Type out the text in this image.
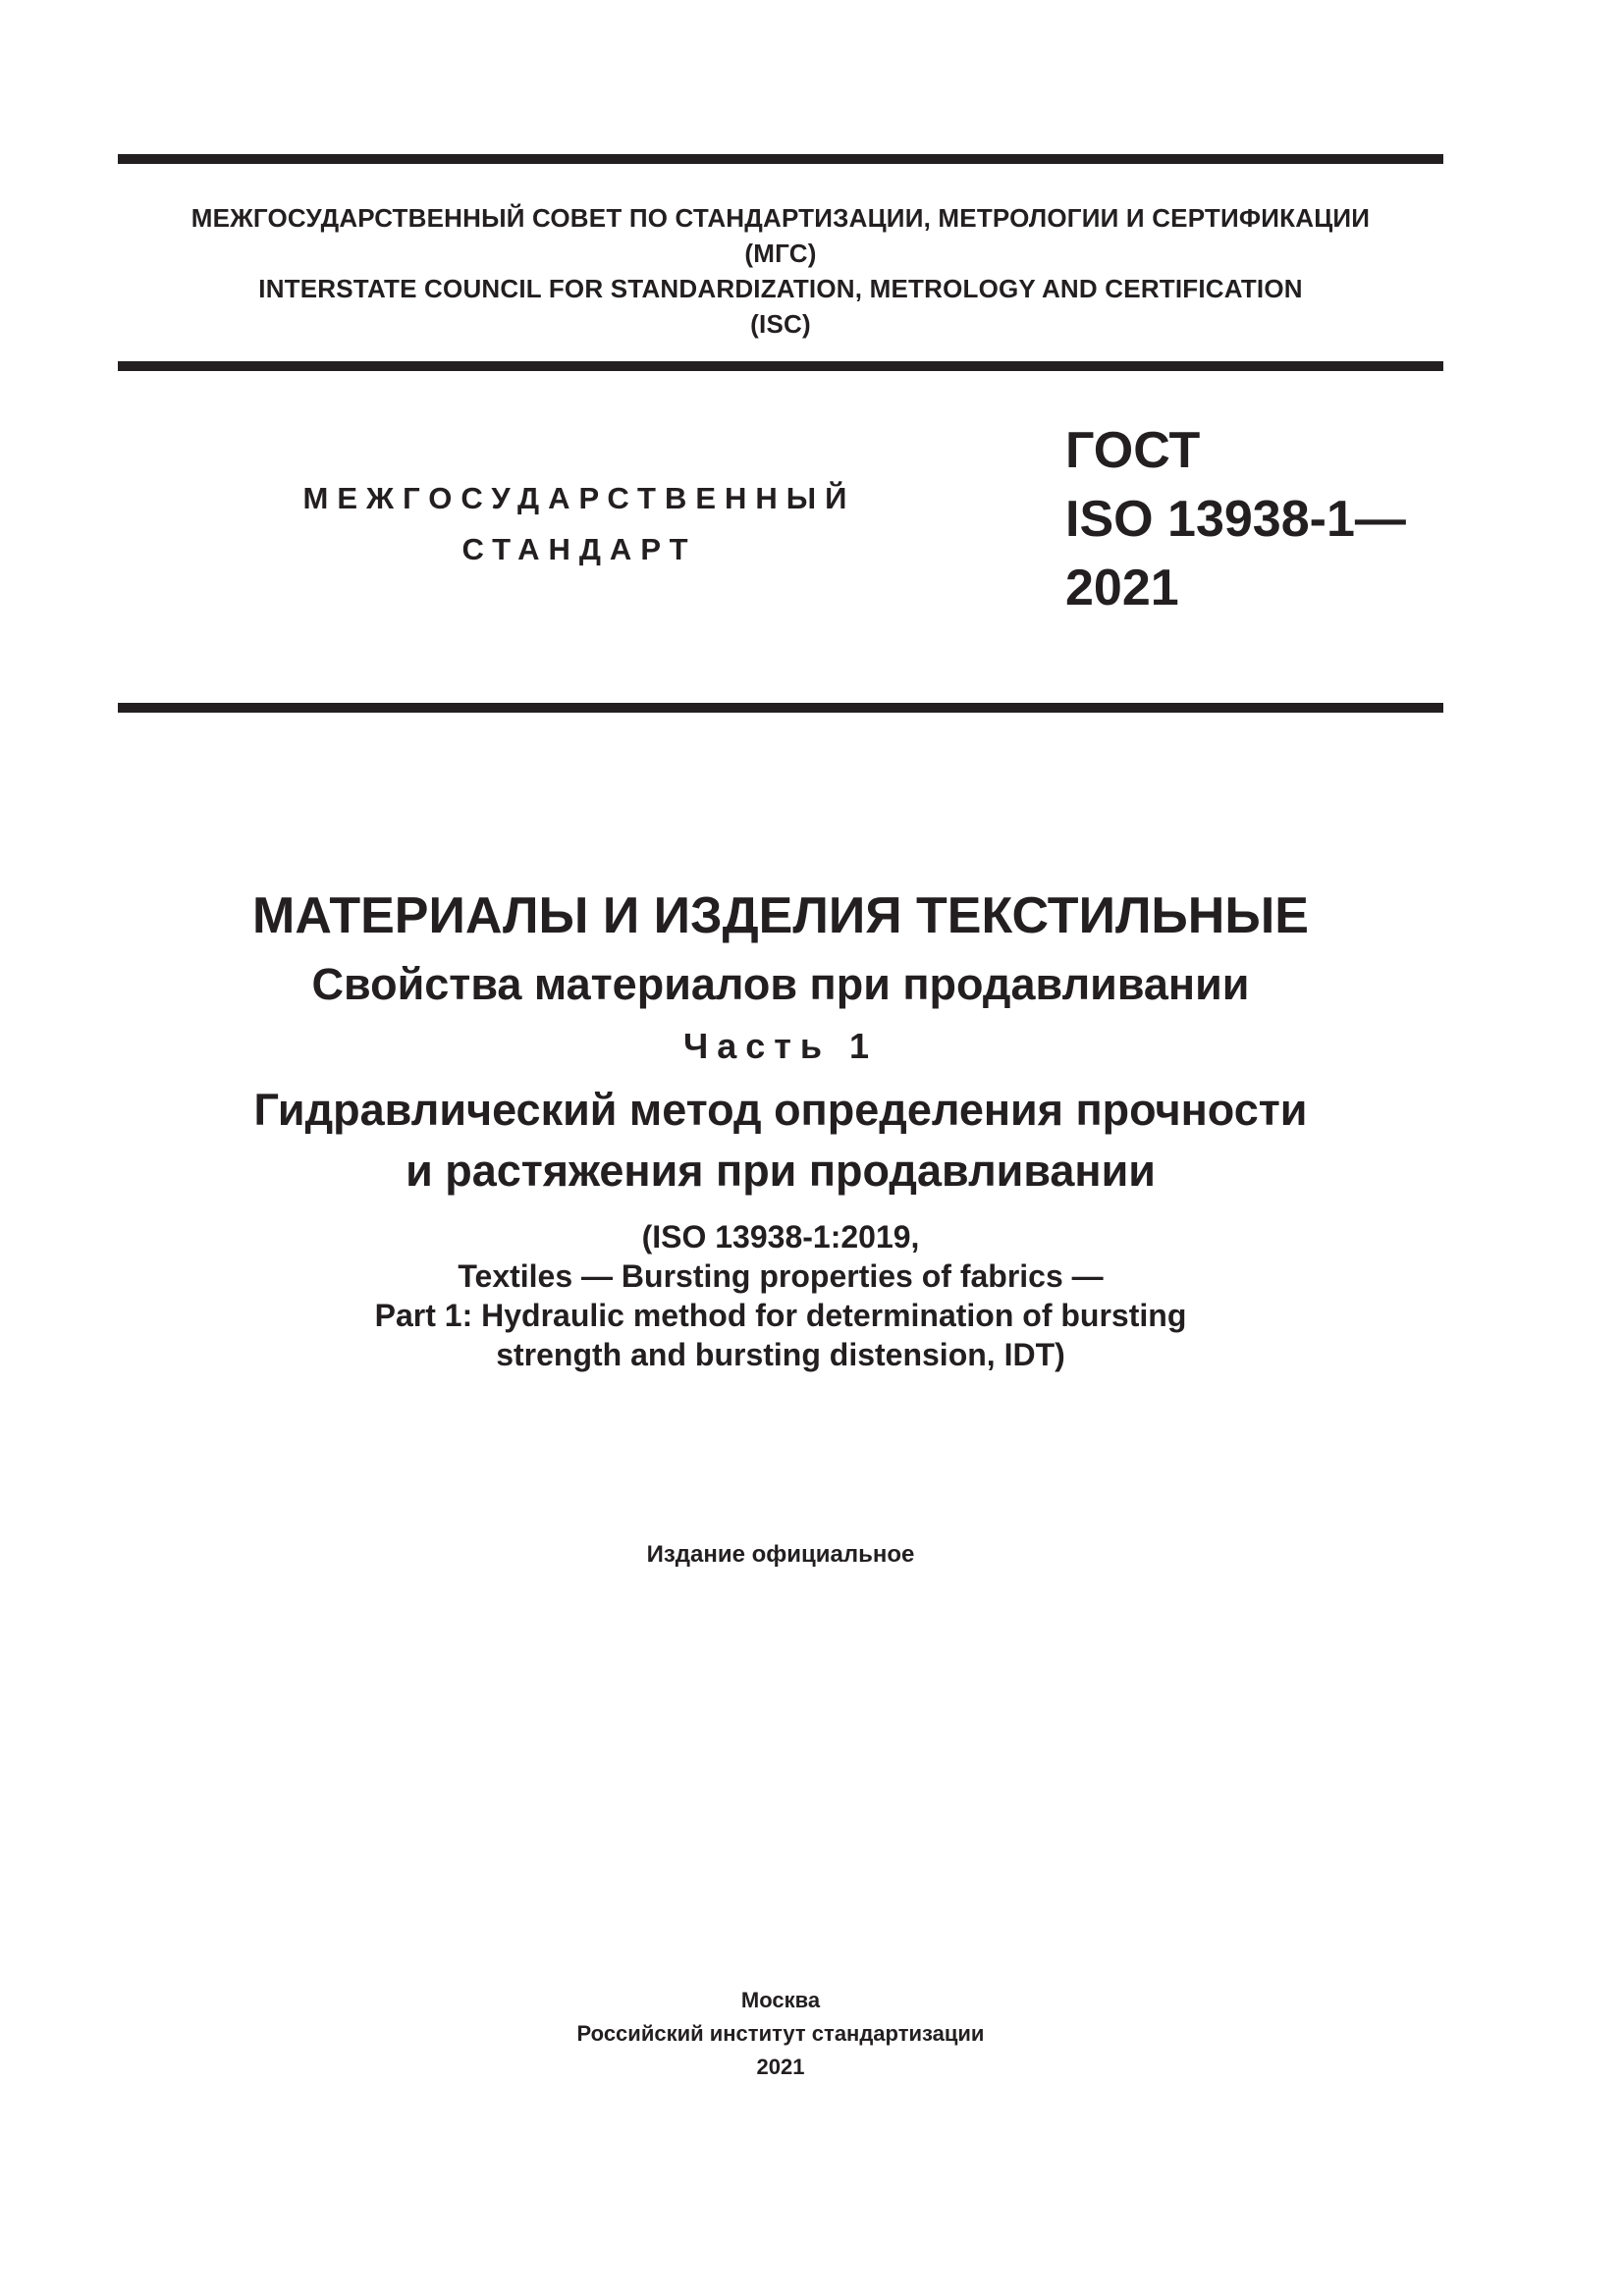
МЕЖГОСУДАРСТВЕННЫЙ СОВЕТ ПО СТАНДАРТИЗАЦИИ, МЕТРОЛОГИИ И СЕРТИФИКАЦИИ
(МГС)
INTERSTATE COUNCIL FOR STANDARDIZATION, METROLOGY AND CERTIFICATION
(ISC)
МЕЖГОСУДАРСТВЕННЫЙ
СТАНДАРТ
ГОСТ
ISO 13938-1—
2021
МАТЕРИАЛЫ И ИЗДЕЛИЯ ТЕКСТИЛЬНЫЕ
Свойства материалов при продавливании
Часть 1
Гидравлический метод определения прочности
и растяжения при продавливании
(ISO 13938-1:2019,
Textiles — Bursting properties of fabrics —
Part 1: Hydraulic method for determination of bursting
strength and bursting distension, IDT)
Издание официальное
Москва
Российский институт стандартизации
2021
